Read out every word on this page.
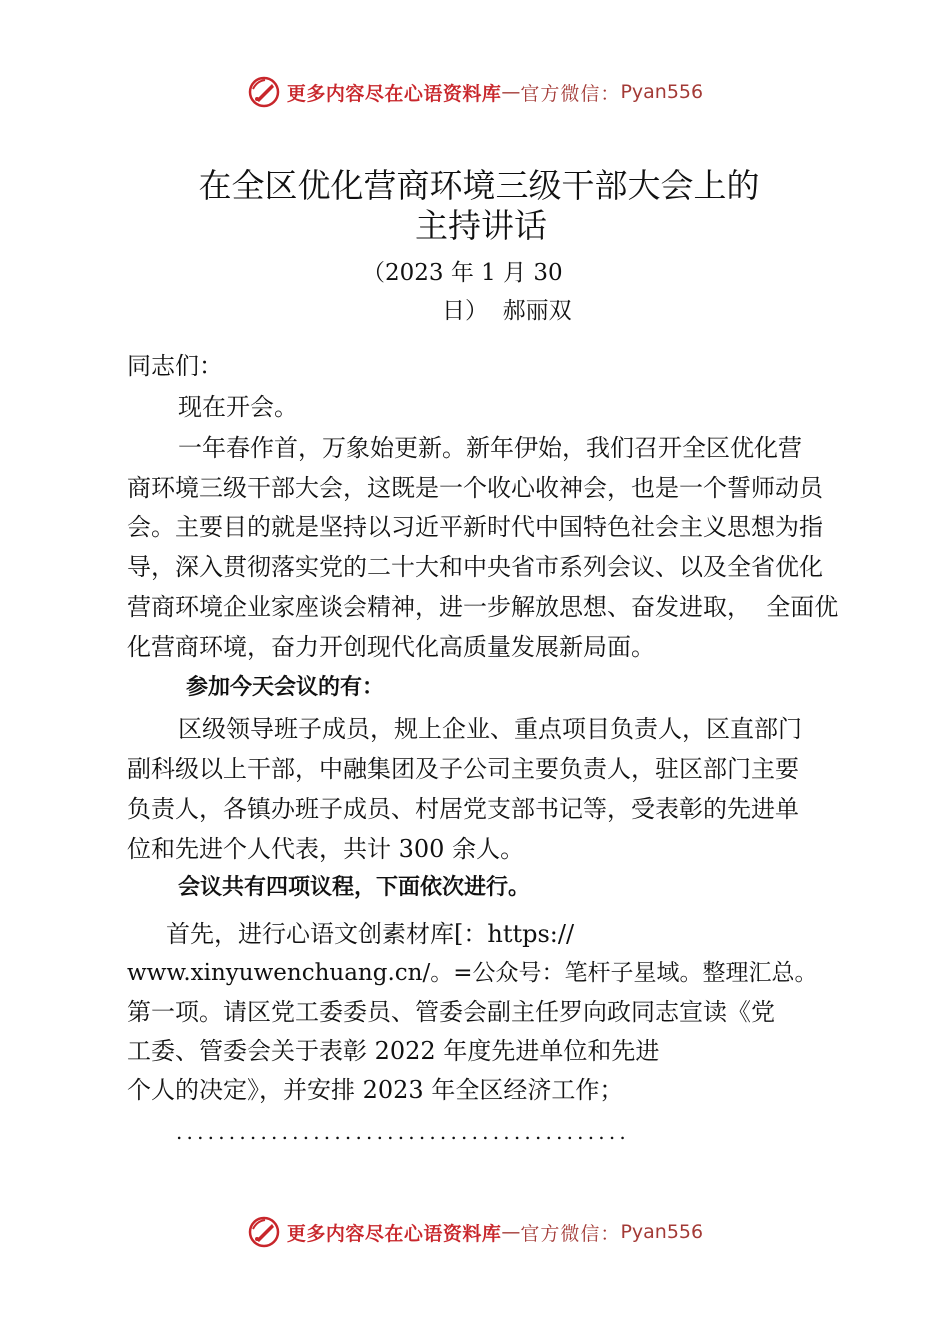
更多内容尽在心语资料库 — 官方微信： Pyan556
在全区优化营商环境三级干部大会上的
主持讲话
（2023 年 1 月 30
日）  郝丽双
同志们：
现在开会。
一年春作首，万象始更新。新年伊始，我们召开全区优化营
商环境三级干部大会，这既是一个收心收神会，也是一个誓师动员
会。主要目的就是坚持以习近平新时代中国特色社会主义思想为指
导，深入贯彻落实党的二十大和中央省市系列会议、以及全省优化
营商环境企业家座谈会精神，进一步解放思想、奋发进取，  全面优
化营商环境，奋力开创现代化高质量发展新局面。
参加今天会议的有：
区级领导班子成员，规上企业、重点项目负责人，区直部门
副科级以上干部，中融集团及子公司主要负责人，驻区部门主要
负责人，各镇办班子成员、村居党支部书记等，受表彰的先进单
位和先进个人代表，共计 300 余人。
会议共有四项议程，下面依次进行。
首先，进行心语文创素材库[：https://
www.xinyuwenchuang.cn/。=公众号：笔杆子星域。整理汇总。
第一项。请区党工委委员、管委会副主任罗向政同志宣读《党
工委、管委会关于表彰 2022 年度先进单位和先进
个人的决定》，并安排 2023 年全区经济工作；
...........................................
更多内容尽在心语资料库 — 官方微信： Pyan556
